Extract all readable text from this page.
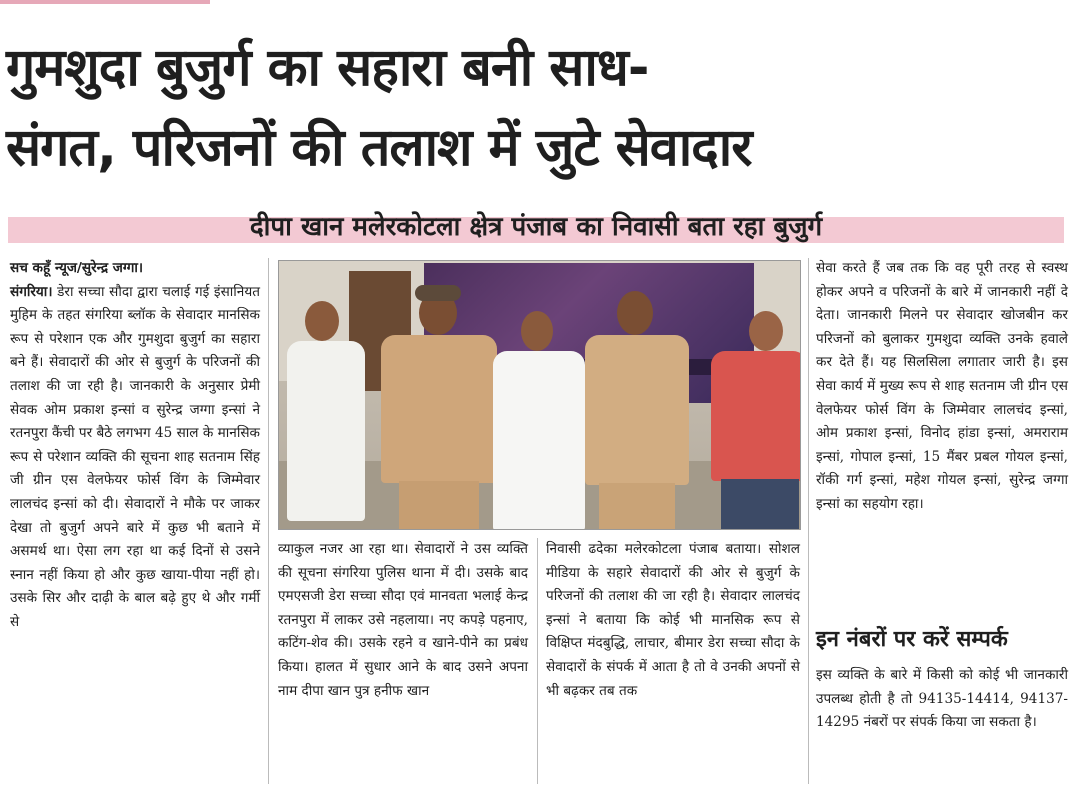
गुमशुदा बुजुर्ग का सहारा बनी साध-
संगत, परिजनों की तलाश में जुटे सेवादार
दीपा खान मलेरकोटला क्षेत्र पंजाब का निवासी बता रहा बुजुर्ग
सच कहूँ न्यूज/सुरेन्द्र जग्गा।
संगरिया। डेरा सच्चा सौदा द्वारा चलाई गई इंसानियत मुहिम के तहत संगरिया ब्लॉक के सेवादार मानसिक रूप से परेशान एक और गुमशुदा बुजुर्ग का सहारा बने हैं। सेवादारों की ओर से बुजुर्ग के परिजनों की तलाश की जा रही है। जानकारी के अनुसार प्रेमी सेवक ओम प्रकाश इन्सां व सुरेन्द्र जग्गा इन्सां ने रतनपुरा कैंची पर बैठे लगभग 45 साल के मानसिक रूप से परेशान व्यक्ति की सूचना शाह सतनाम सिंह जी ग्रीन एस वेलफेयर फोर्स विंग के जिम्मेवार लालचंद इन्सां को दी। सेवादारों ने मौके पर जाकर देखा तो बुजुर्ग अपने बारे में कुछ भी बताने में असमर्थ था। ऐसा लग रहा था कई दिनों से उसने स्नान नहीं किया हो और कुछ खाया-पीया नहीं हो। उसके सिर और दाढ़ी के बाल बढ़े हुए थे और गर्मी से
व्याकुल नजर आ रहा था। सेवादारों ने उस व्यक्ति की सूचना संगरिया पुलिस थाना में दी। उसके बाद एमएसजी डेरा सच्चा सौदा एवं मानवता भलाई केन्द्र रतनपुरा में लाकर उसे नहलाया। नए कपड़े पहनाए, कटिंग-शेव की। उसके रहने व खाने-पीने का प्रबंध किया। हालत में सुधार आने के बाद उसने अपना नाम दीपा खान पुत्र हनीफ खान
निवासी ढदेका मलेरकोटला पंजाब बताया। सोशल मीडिया के सहारे सेवादारों की ओर से बुजुर्ग के परिजनों की तलाश की जा रही है। सेवादार लालचंद इन्सां ने बताया कि कोई भी मानसिक रूप से विक्षिप्त मंदबुद्धि, लाचार, बीमार डेरा सच्चा सौदा के सेवादारों के संपर्क में आता है तो वे उनकी अपनों से भी बढ़कर तब तक
सेवा करते हैं जब तक कि वह पूरी तरह से स्वस्थ होकर अपने व परिजनों के बारे में जानकारी नहीं दे देता। जानकारी मिलने पर सेवादार खोजबीन कर परिजनों को बुलाकर गुमशुदा व्यक्ति उनके हवाले कर देते हैं। यह सिलसिला लगातार जारी है। इस सेवा कार्य में मुख्य रूप से शाह सतनाम जी ग्रीन एस वेलफेयर फोर्स विंग के जिम्मेवार लालचंद इन्सां, ओम प्रकाश इन्सां, विनोद हांडा इन्सां, अमराराम इन्सां, गोपाल इन्सां, 15 मैंबर प्रबल गोयल इन्सां, रॉकी गर्ग इन्सां, महेश गोयल इन्सां, सुरेन्द्र जग्गा इन्सां का सहयोग रहा।
इन नंबरों पर करें सम्पर्क
इस व्यक्ति के बारे में किसी को कोई भी जानकारी उपलब्ध होती है तो 94135-14414, 94137-14295 नंबरों पर संपर्क किया जा सकता है।
